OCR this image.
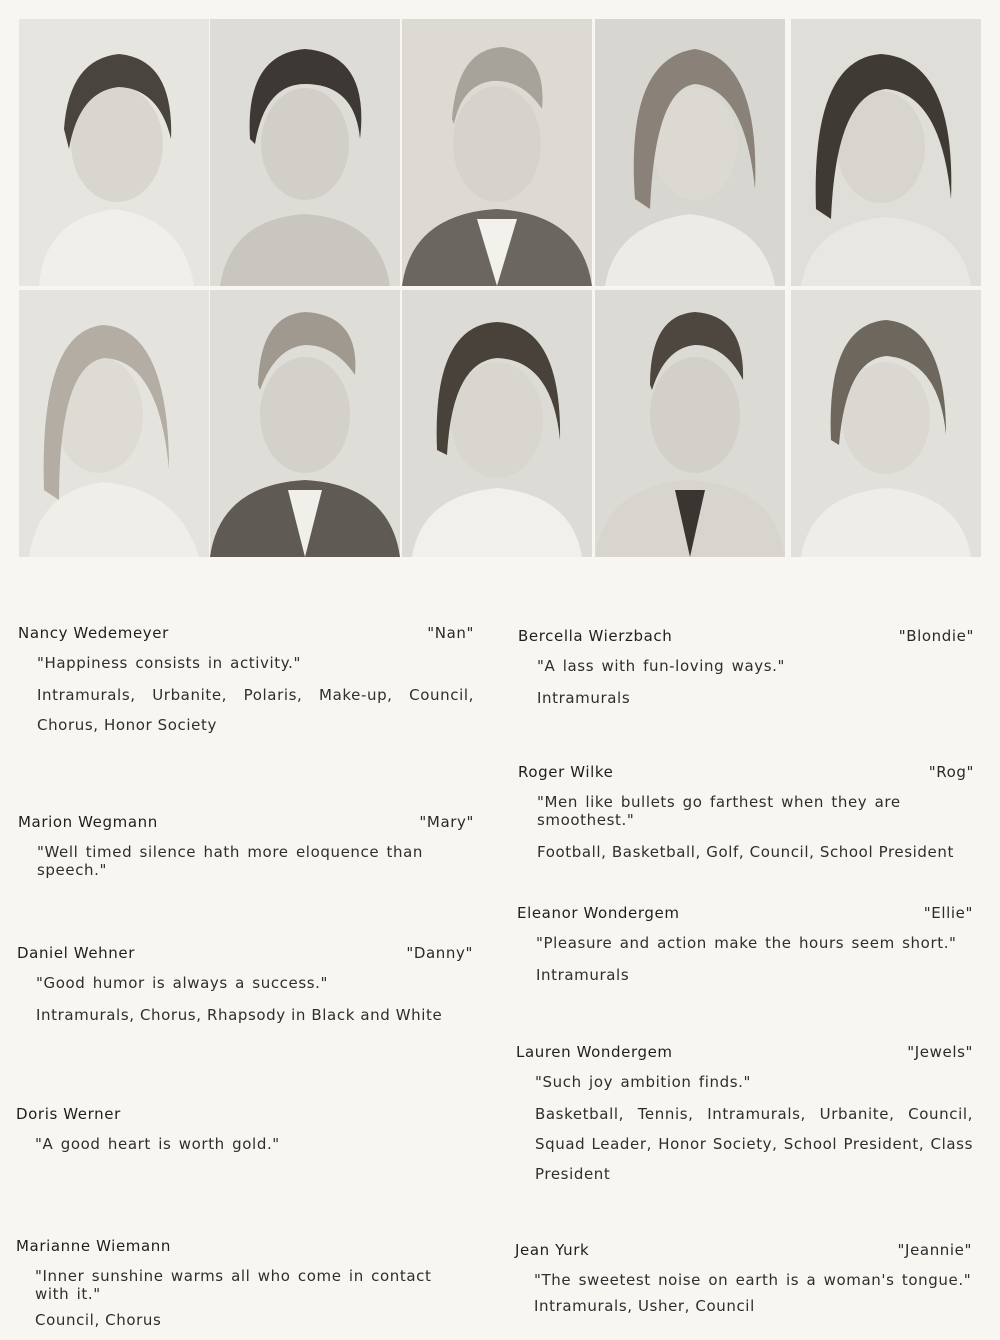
Nancy Wedemeyer	"Nan"
"Happiness consists in activity."
Intramurals, Urbanite, Polaris, Make-up, Council, Chorus, Honor Society
Marion Wegmann	"Mary"
"Well timed silence hath more eloquence than speech."
Daniel Wehner	"Danny"
"Good humor is always a success."
Intramurals, Chorus, Rhapsody in Black and White
Doris Werner
"A good heart is worth gold."
Marianne Wiemann
"Inner sunshine warms all who come in contact with it."
Council, Chorus
Bercella Wierzbach	"Blondie"
"A lass with fun-loving ways."
Intramurals
Roger Wilke	"Rog"
"Men like bullets go farthest when they are smoothest."
Football, Basketball, Golf, Council, School President
Eleanor Wondergem	"Ellie"
"Pleasure and action make the hours seem short."
Intramurals
Lauren Wondergem	"Jewels"
"Such joy ambition finds."
Basketball, Tennis, Intramurals, Urbanite, Council, Squad Leader, Honor Society, School President, Class President
Jean Yurk	"Jeannie"
"The sweetest noise on earth is a woman's tongue."
Intramurals, Usher, Council
